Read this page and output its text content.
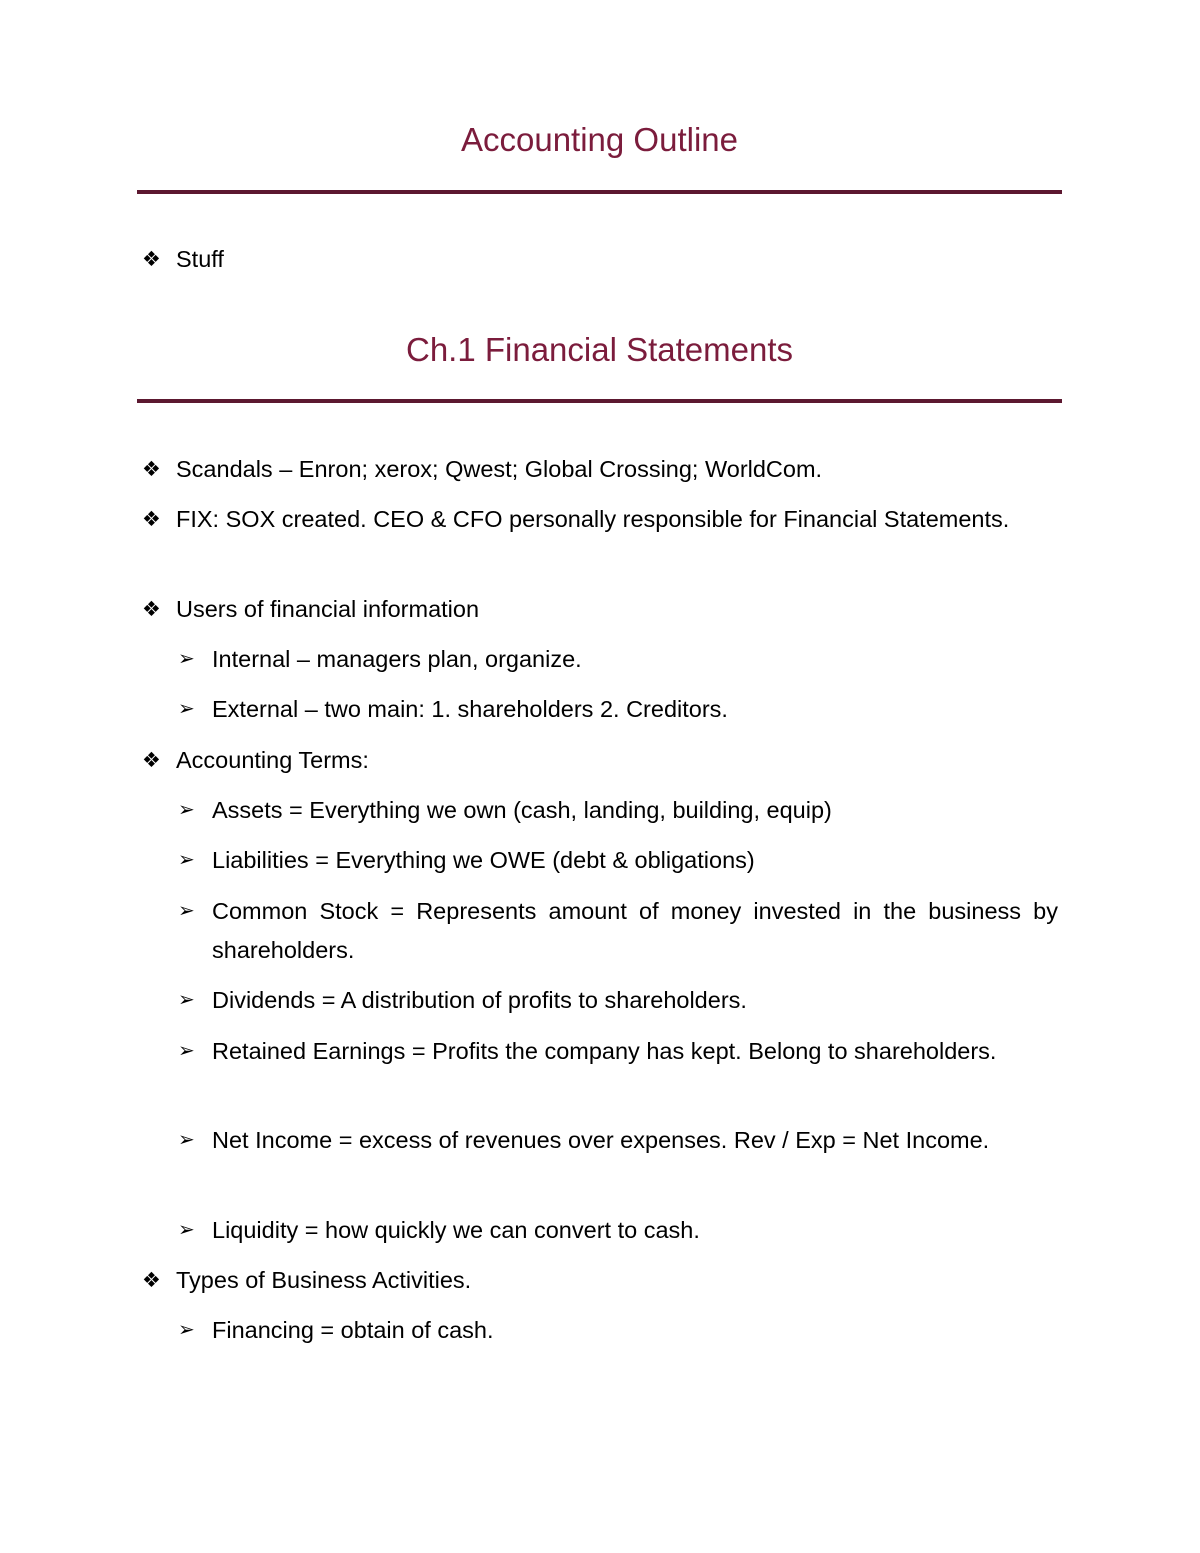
Accounting Outline

❖ Stuff

Ch.1 Financial Statements

❖ Scandals – Enron; xerox; Qwest; Global Crossing; WorldCom.

❖ FIX: SOX created. CEO & CFO personally responsible for Financial Statements.

❖ Users of financial information

➢ Internal – managers plan, organize.

➢ External – two main: 1. shareholders 2. Creditors.

❖ Accounting Terms:

➢ Assets = Everything we own (cash, landing, building, equip)

➢ Liabilities = Everything we OWE (debt & obligations)

➢ Common Stock = Represents amount of money invested in the business by shareholders.

➢ Dividends = A distribution of profits to shareholders.

➢ Retained Earnings = Profits the company has kept. Belong to shareholders.

➢ Net Income = excess of revenues over expenses. Rev / Exp = Net Income.

➢ Liquidity = how quickly we can convert to cash.

❖ Types of Business Activities.

➢ Financing = obtain of cash.
